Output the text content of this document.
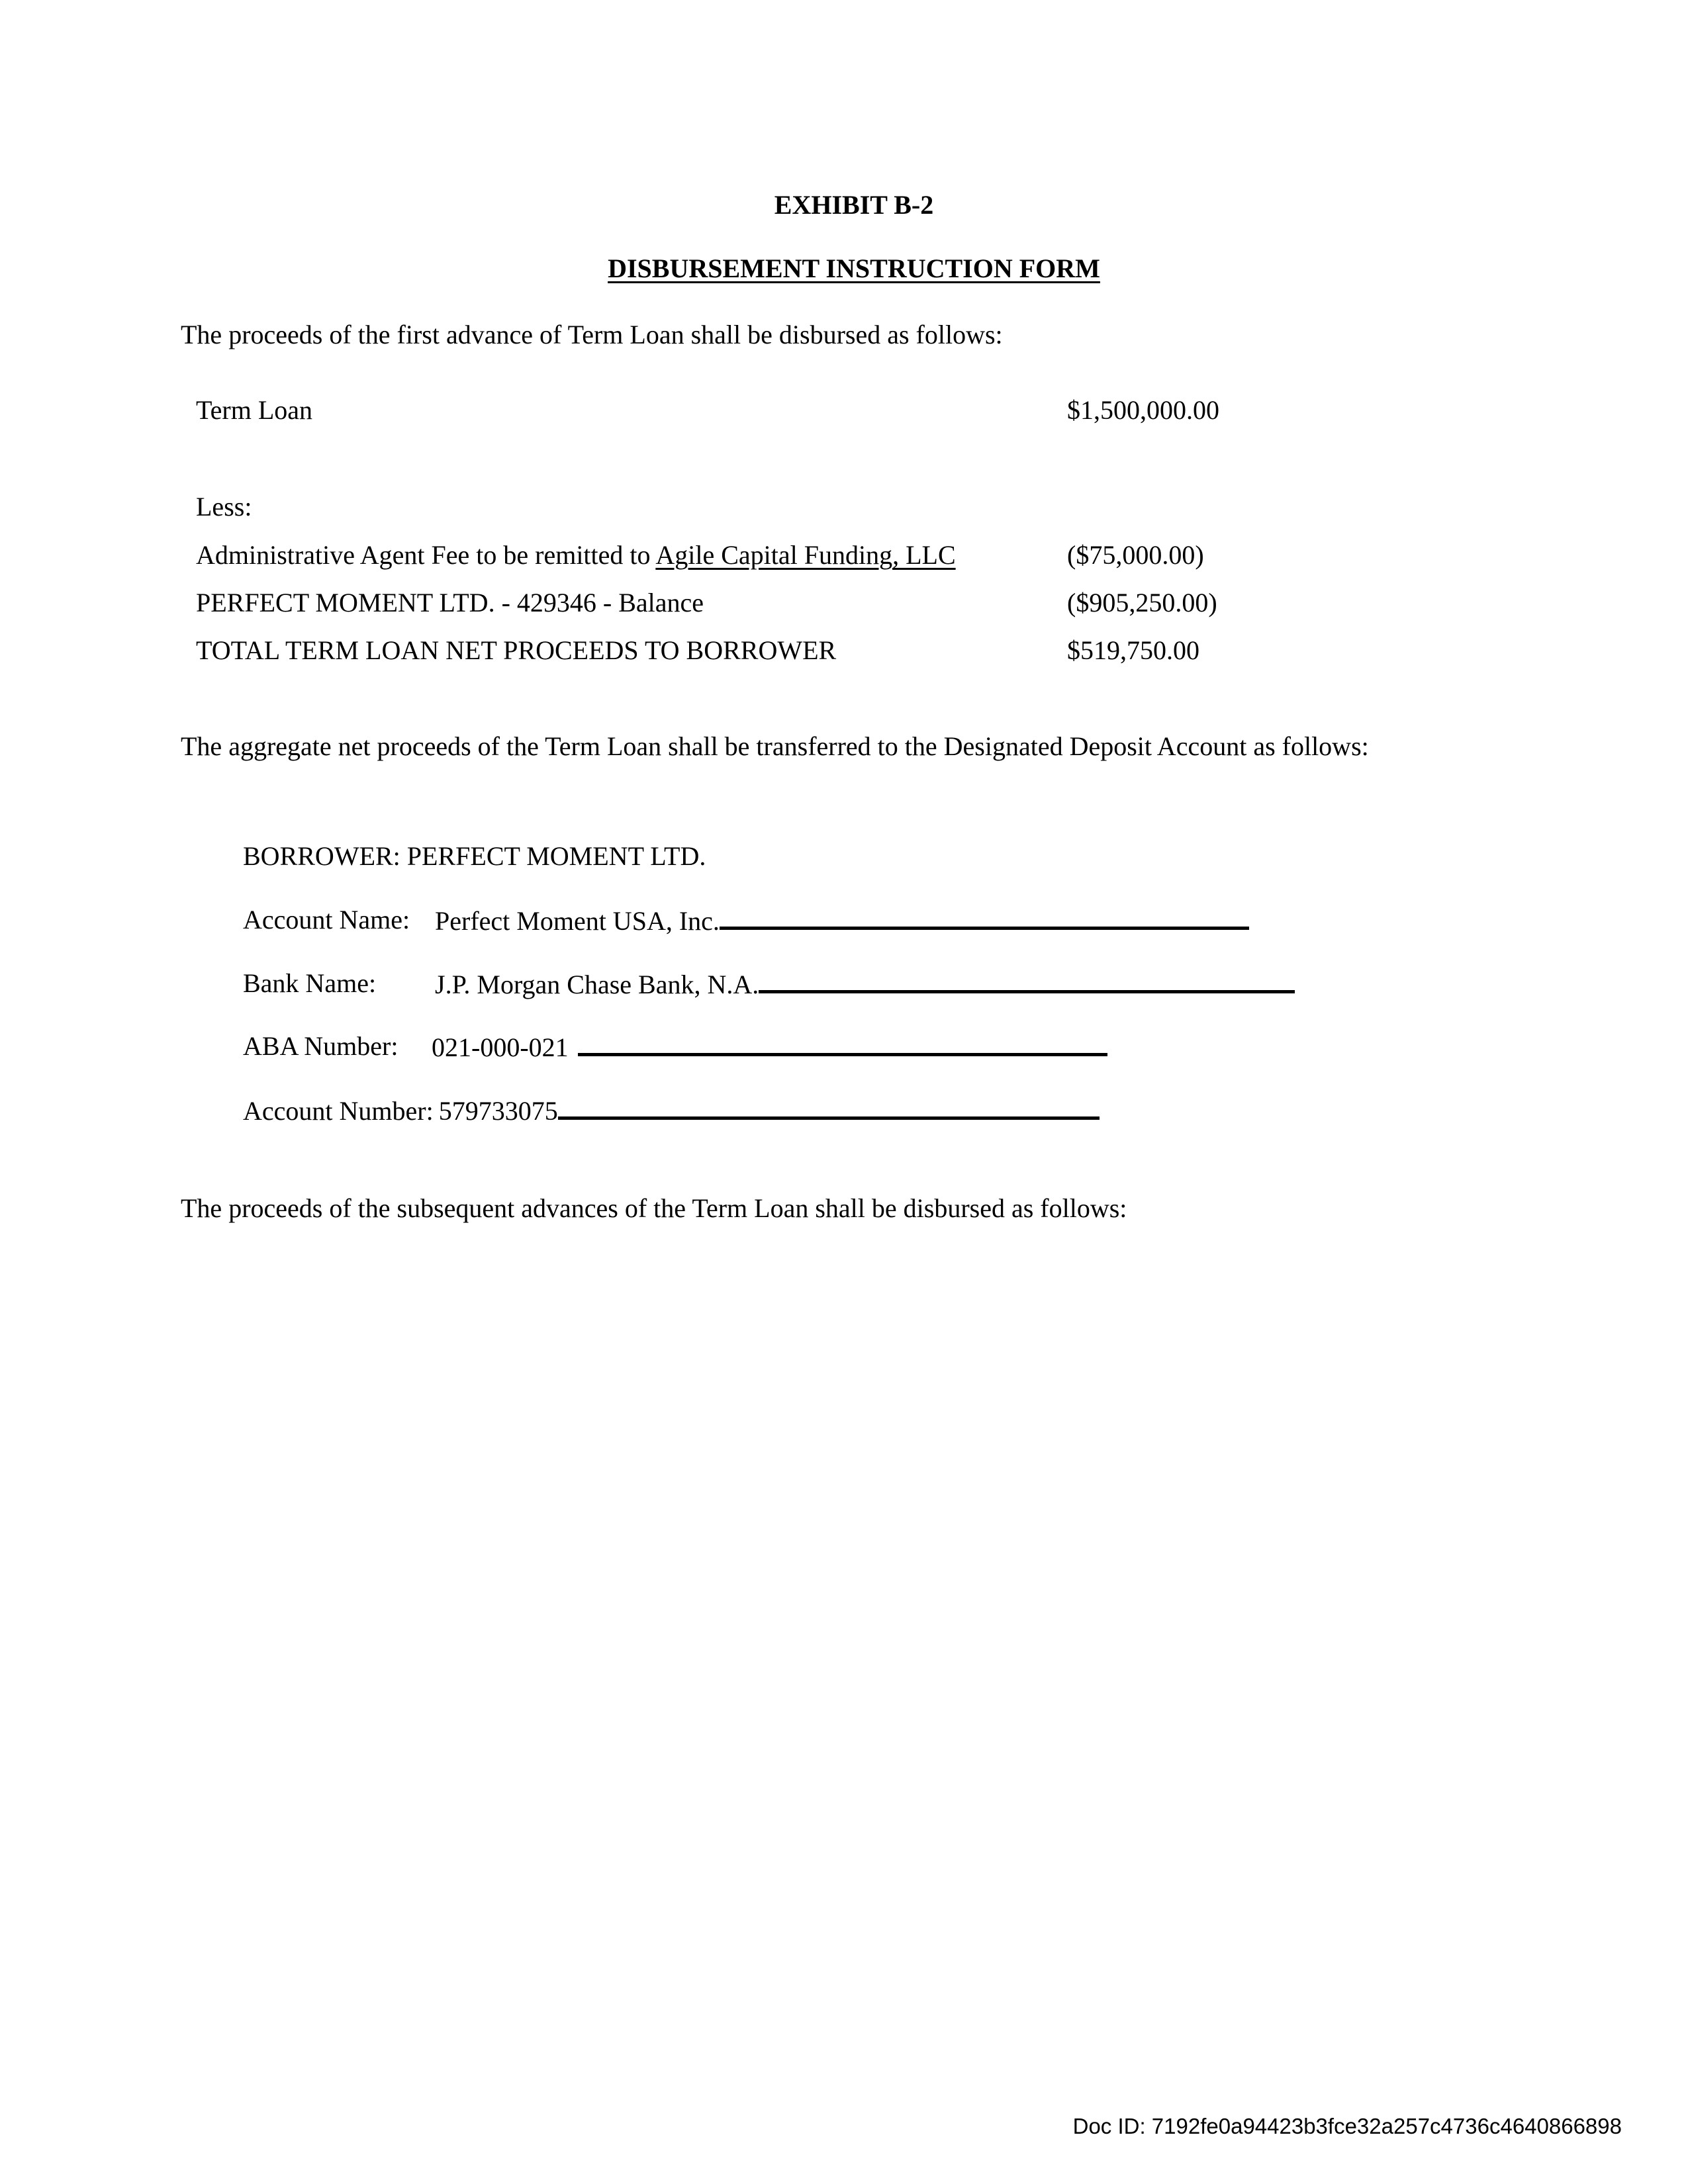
EXHIBIT B-2
DISBURSEMENT INSTRUCTION FORM
The proceeds of the first advance of Term Loan shall be disbursed as follows:
Term Loan	$1,500,000.00
Less:
Administrative Agent Fee to be remitted to Agile Capital Funding, LLC	($75,000.00)
PERFECT MOMENT LTD. - 429346 - Balance	($905,250.00)
TOTAL TERM LOAN NET PROCEEDS TO BORROWER	$519,750.00
The aggregate net proceeds of the Term Loan shall be transferred to the Designated Deposit Account as follows:
BORROWER: PERFECT MOMENT LTD.
Account Name: Perfect Moment USA, Inc.
Bank Name: J.P. Morgan Chase Bank, N.A.
ABA Number: 021-000-021
Account Number: 579733075
The proceeds of the subsequent advances of the Term Loan shall be disbursed as follows:
Doc ID: 7192fe0a94423b3fce32a257c4736c4640866898
